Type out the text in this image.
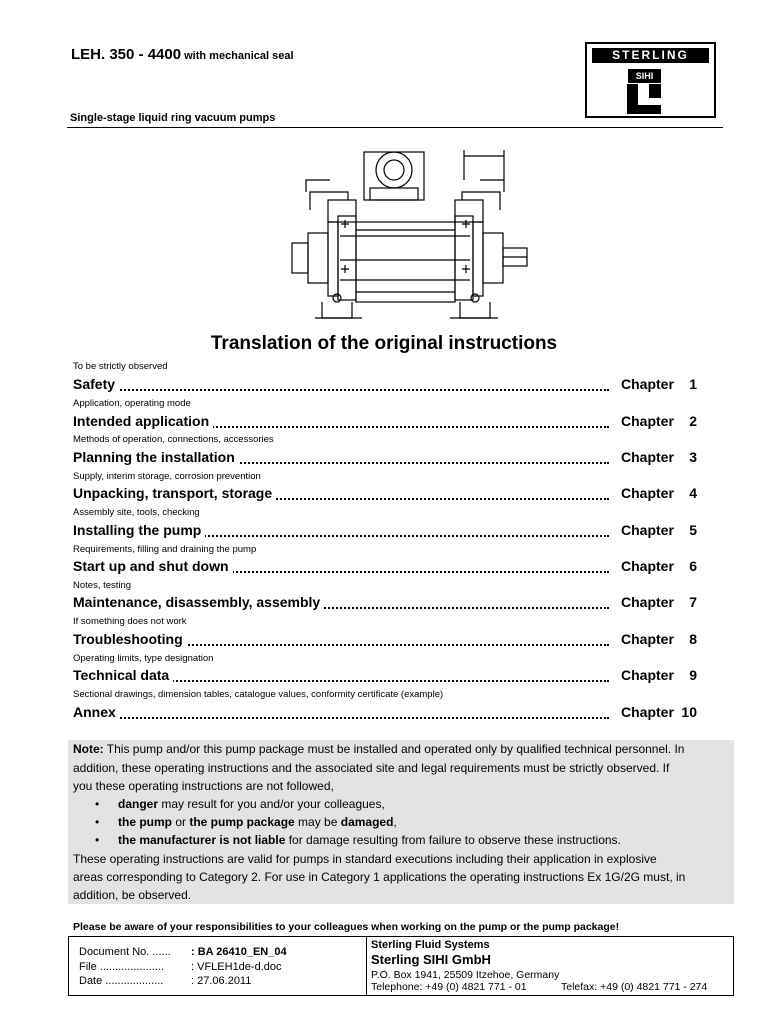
LEH. 350 - 4400 with mechanical seal
Single-stage liquid ring vacuum pumps
STERLING
SIHI
Translation of the original instructions
To be strictly observed
Safety	Chapter 1
Application, operating mode
Intended application	Chapter 2
Methods of operation, connections, accessories
Planning the installation	Chapter 3
Supply, interim storage, corrosion prevention
Unpacking, transport, storage	Chapter 4
Assembly site, tools, checking
Installing the pump	Chapter 5
Requirements, filling and draining the pump
Start up and shut down	Chapter 6
Notes, testing
Maintenance, disassembly, assembly	Chapter 7
If something does not work
Troubleshooting	Chapter 8
Operating limits, type designation
Technical data	Chapter 9
Sectional drawings, dimension tables, catalogue values, conformity certificate (example)
Annex	Chapter 10
Note: This pump and/or this pump package must be installed and operated only by qualified technical personnel. In
addition, these operating instructions and the associated site and legal requirements must be strictly observed. If
you these operating instructions are not followed,
• danger may result for you and/or your colleagues,
• the pump or the pump package may be damaged,
• the manufacturer is not liable for damage resulting from failure to observe these instructions.
These operating instructions are valid for pumps in standard executions including their application in explosive
areas corresponding to Category 2. For use in Category 1 applications the operating instructions Ex 1G/2G must, in
addition, be observed.
Please be aware of your responsibilities to your colleagues when working on the pump or the pump package!
Document No. ...... : BA 26410_EN_04
File ..................... : VFLEH1de-d.doc
Date ...................	: 27.06.2011
Sterling Fluid Systems
Sterling SIHI GmbH
P.O. Box 1941, 25509 Itzehoe, Germany
Telephone: +49 (0) 4821 771 - 01	Telefax: +49 (0) 4821 771 - 274
